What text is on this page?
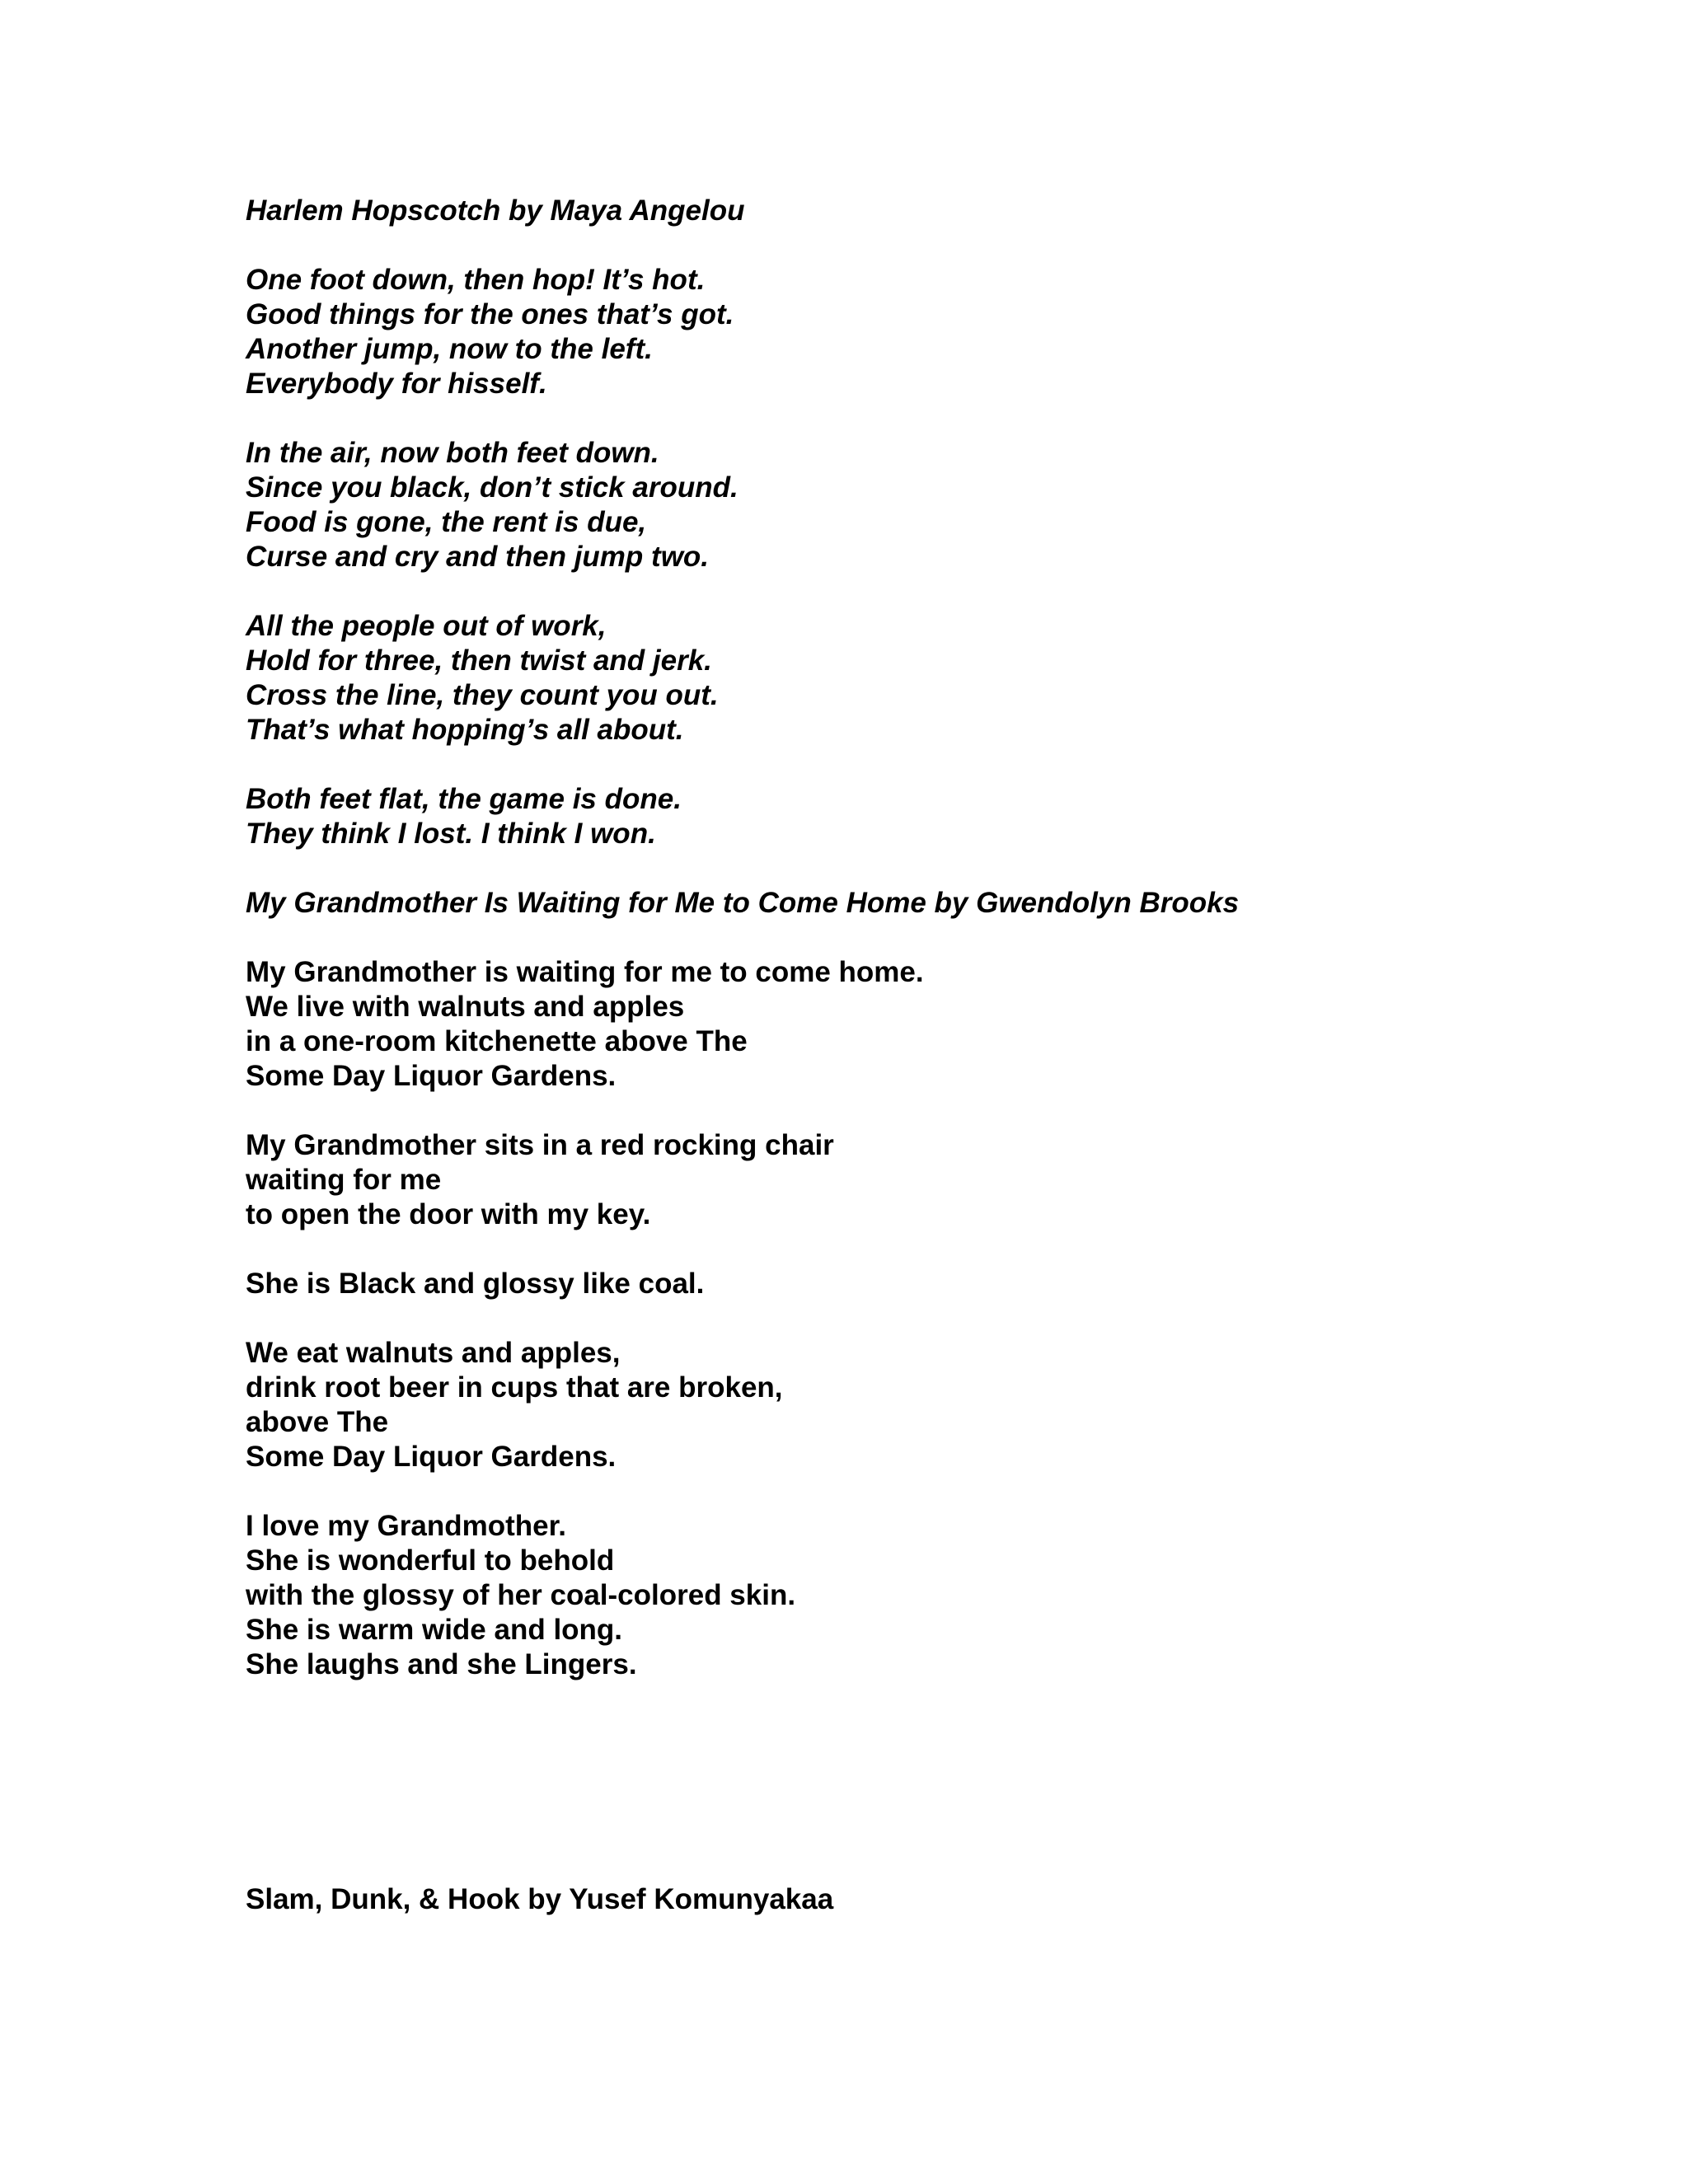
Harlem Hopscotch by Maya Angelou
One foot down, then hop! It’s hot.
Good things for the ones that’s got.
Another jump, now to the left.
Everybody for hisself.
In the air, now both feet down.
Since you black, don’t stick around.
Food is gone, the rent is due,
Curse and cry and then jump two.
All the people out of work,
Hold for three, then twist and jerk.
Cross the line, they count you out.
That’s what hopping’s all about.
Both feet flat, the game is done.
They think I lost. I think I won.
My Grandmother Is Waiting for Me to Come Home by Gwendolyn Brooks
My Grandmother is waiting for me to come home.
We live with walnuts and apples
in a one-room kitchenette above The
Some Day Liquor Gardens.
My Grandmother sits in a red rocking chair
waiting for me
to open the door with my key.
She is Black and glossy like coal.
We eat walnuts and apples,
drink root beer in cups that are broken,
above The
Some Day Liquor Gardens.
I love my Grandmother.
She is wonderful to behold
with the glossy of her coal-colored skin.
She is warm wide and long.
She laughs and she Lingers.
Slam, Dunk, & Hook by Yusef Komunyakaa
